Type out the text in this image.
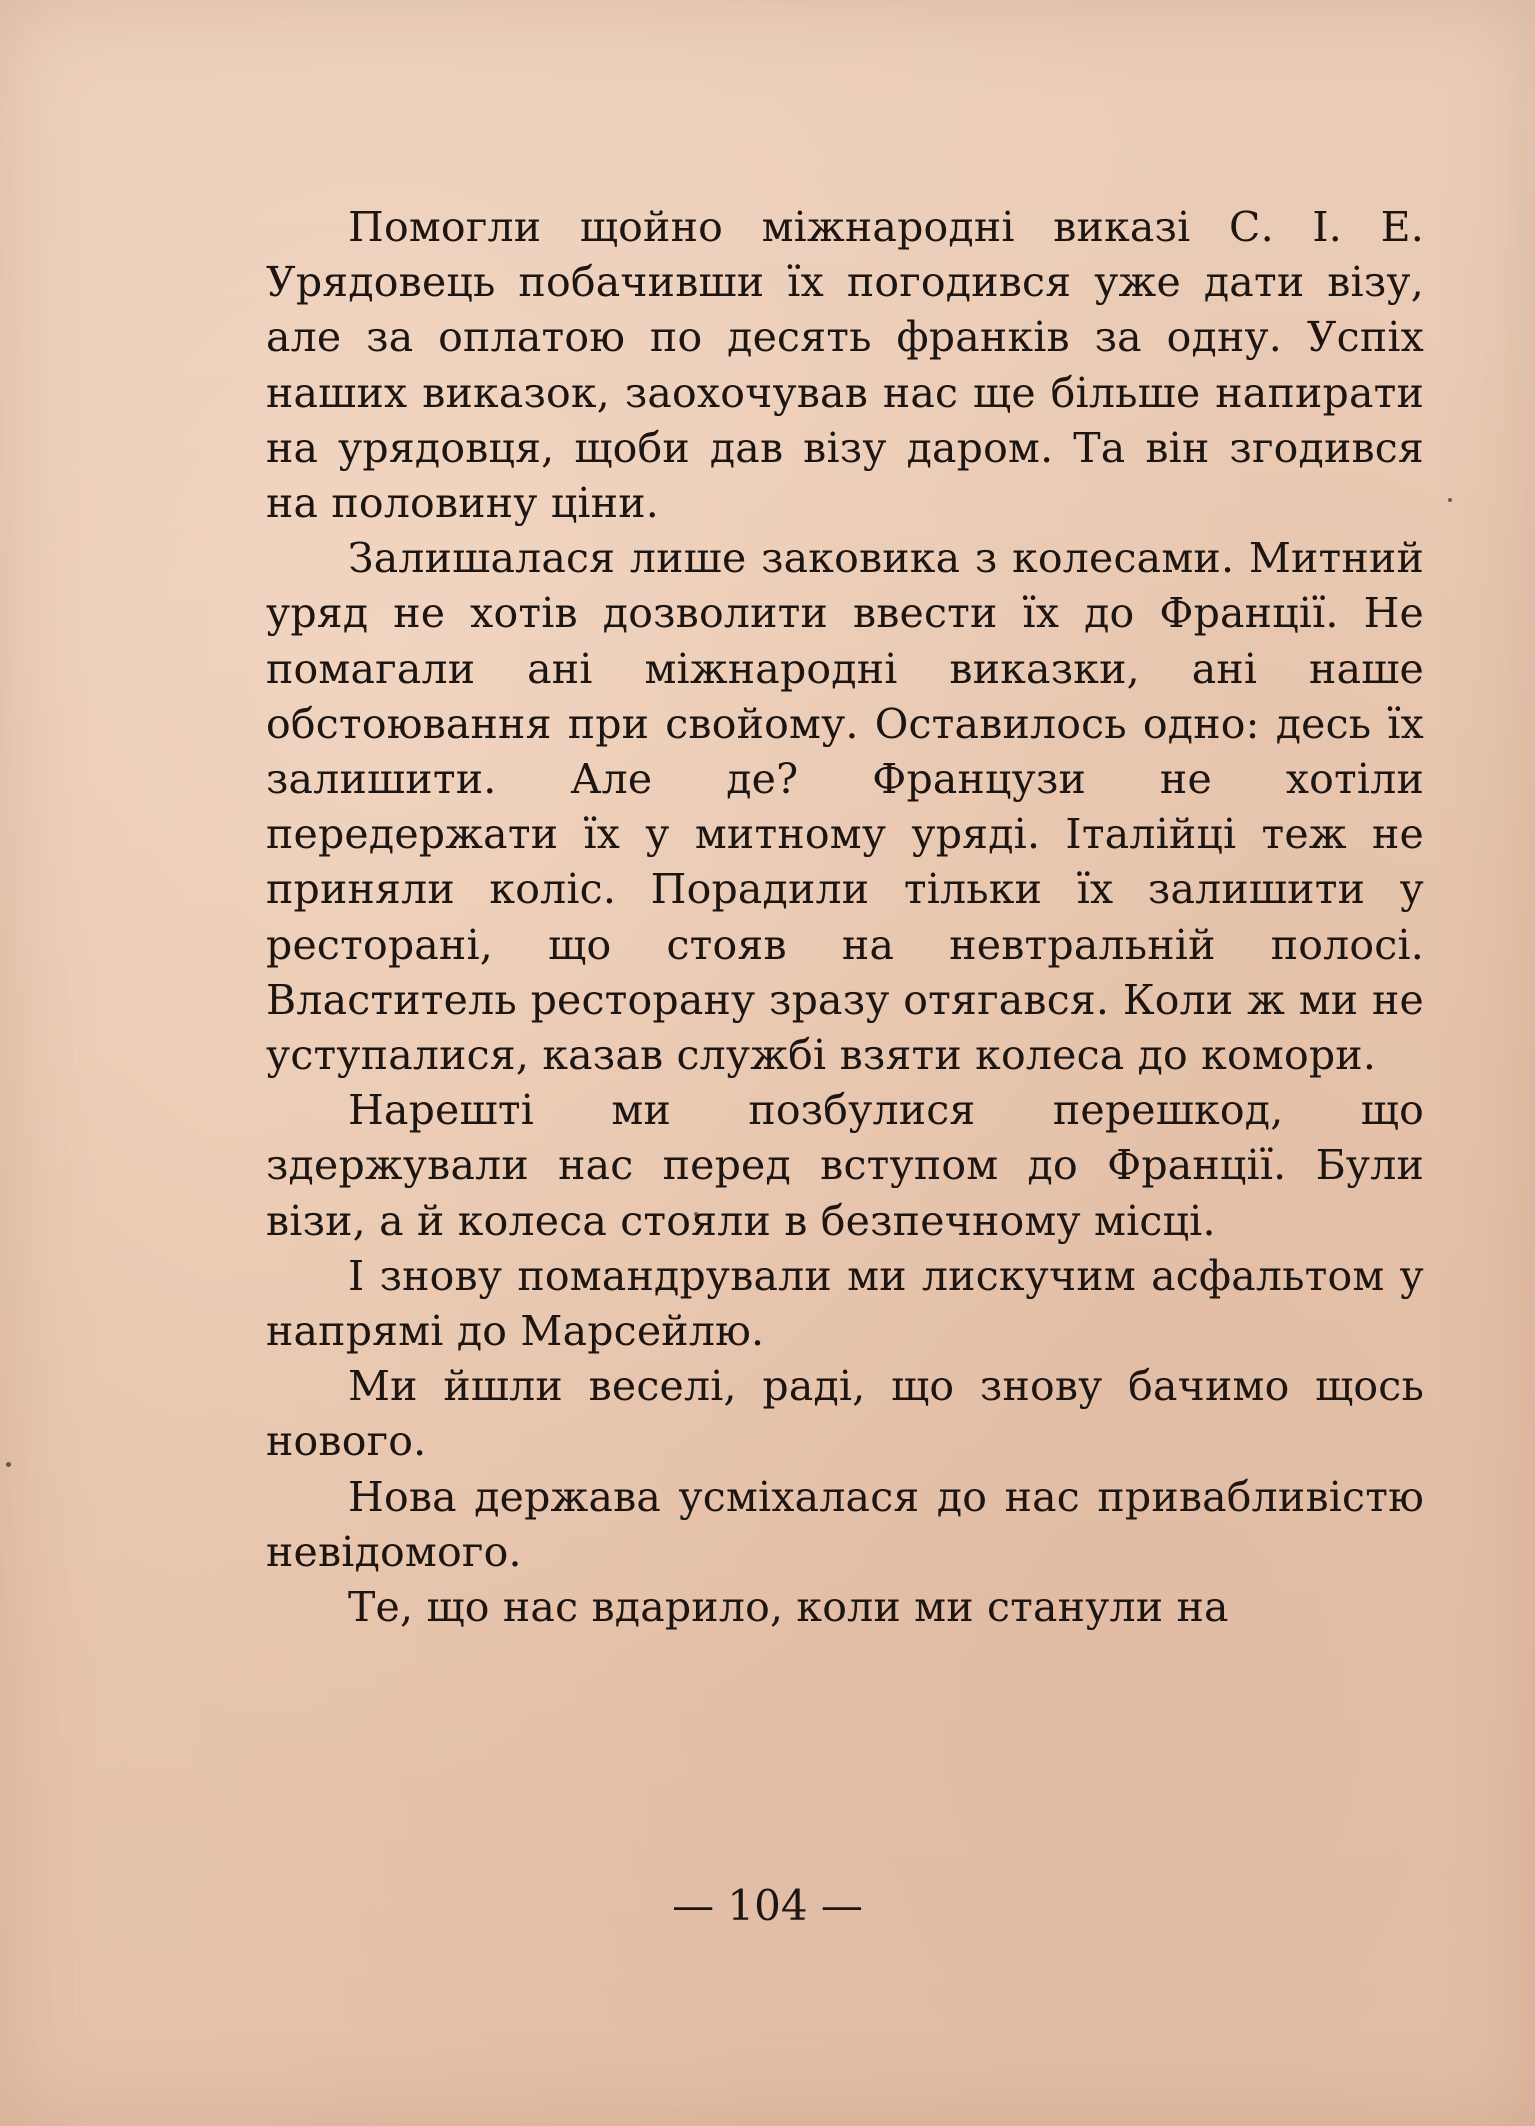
Помогли щойно міжнародні виказі С. І. Е. Урядовець побачивши їх погодився уже дати візу, але за оплатою по десять франків за одну. Успіх наших виказок, заохочував нас ще більше напирати на урядовця, щоби дав візу даром. Та він згодився на половину ціни.

Залишалася лише заковика з колесами. Митний уряд не хотів дозволити ввести їх до Франції. Не помагали ані міжнародні виказки, ані наше обстоювання при свойому. Оставилось одно: десь їх залишити. Але де? Французи не хотіли передержати їх у митному уряді. Італійці теж не приняли коліс. Порадили тільки їх залишити у ресторані, що стояв на невтральній полосі. Властитель ресторану зразу отягався. Коли ж ми не уступалися, казав службі взяти колеса до комори.

Нарешті ми позбулися перешкод, що здержували нас перед вступом до Франції. Були візи, а й колеса стояли в безпечному місці.

І знову помандрували ми лискучим асфальтом у напрямі до Марсейлю.

Ми йшли веселі, раді, що знову бачимо щось нового.

Нова держава усміхалася до нас привабливістю невідомого.

Те, що нас вдарило, коли ми станули на

— 104 —
